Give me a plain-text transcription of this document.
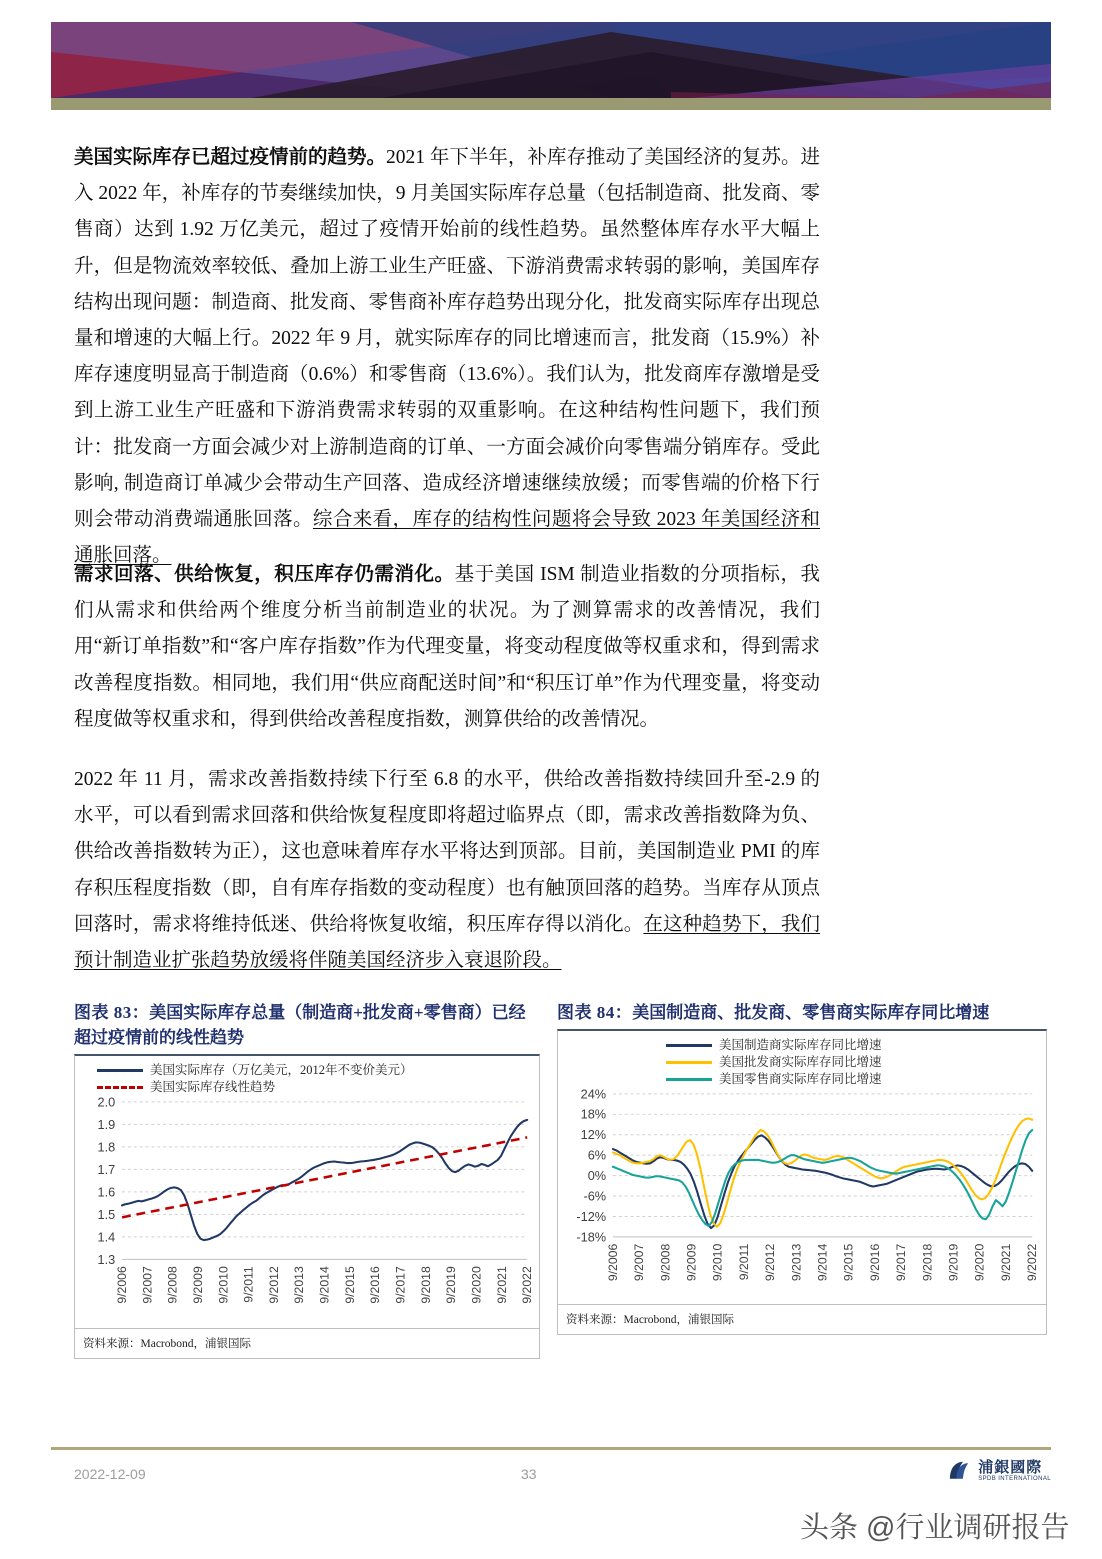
美国实际库存已超过疫情前的趋势。2021 年下半年，补库存推动了美国经济的复苏。进入 2022 年，补库存的节奏继续加快，9 月美国实际库存总量（包括制造商、批发商、零售商）达到 1.92 万亿美元，超过了疫情开始前的线性趋势。虽然整体库存水平大幅上升，但是物流效率较低、叠加上游工业生产旺盛、下游消费需求转弱的影响，美国库存结构出现问题：制造商、批发商、零售商补库存趋势出现分化，批发商实际库存出现总量和增速的大幅上行。2022 年 9 月，就实际库存的同比增速而言，批发商（15.9%）补库存速度明显高于制造商（0.6%）和零售商（13.6%）。我们认为，批发商库存激增是受到上游工业生产旺盛和下游消费需求转弱的双重影响。在这种结构性问题下，我们预计：批发商一方面会减少对上游制造商的订单、一方面会减价向零售端分销库存。受此影响, 制造商订单减少会带动生产回落、造成经济增速继续放缓；而零售端的价格下行则会带动消费端通胀回落。综合来看，库存的结构性问题将会导致 2023 年美国经济和通胀回落。
需求回落、供给恢复，积压库存仍需消化。基于美国 ISM 制造业指数的分项指标，我们从需求和供给两个维度分析当前制造业的状况。为了测算需求的改善情况，我们用“新订单指数”和“客户库存指数”作为代理变量，将变动程度做等权重求和，得到需求改善程度指数。相同地，我们用“供应商配送时间”和“积压订单”作为代理变量，将变动程度做等权重求和，得到供给改善程度指数，测算供给的改善情况。
2022 年 11 月，需求改善指数持续下行至 6.8 的水平，供给改善指数持续回升至-2.9 的水平，可以看到需求回落和供给恢复程度即将超过临界点（即，需求改善指数降为负、供给改善指数转为正），这也意味着库存水平将达到顶部。目前，美国制造业 PMI 的库存积压程度指数（即，自有库存指数的变动程度）也有触顶回落的趋势。当库存从顶点回落时，需求将维持低迷、供给将恢复收缩，积压库存得以消化。在这种趋势下，我们预计制造业扩张趋势放缓将伴随美国经济步入衰退阶段。
图表 83：美国实际库存总量（制造商+批发商+零售商）已经超过疫情前的线性趋势
美国实际库存（万亿美元，2012年不变价美元）
美国实际库存线性趋势
1.3
1.4
1.5
1.6
1.7
1.8
1.9
2.0
9/2006 9/2007 9/2008 9/2009 9/2010 9/2011 9/2012 9/2013 9/2014 9/2015 9/2016 9/2017 9/2018 9/2019 9/2020 9/2021 9/2022
资料来源：Macrobond，浦银国际
图表 84：美国制造商、批发商、零售商实际库存同比增速
美国制造商实际库存同比增速
美国批发商实际库存同比增速
美国零售商实际库存同比增速
-18%
-12%
-6%
0%
6%
12%
18%
24%
9/2006 9/2007 9/2008 9/2009 9/2010 9/2011 9/2012 9/2013 9/2014 9/2015 9/2016 9/2017 9/2018 9/2019 9/2020 9/2021 9/2022
资料来源：Macrobond，浦银国际
2022-12-09	33	浦銀國際
SPDB INTERNATIONAL
头条 @行业调研报告
